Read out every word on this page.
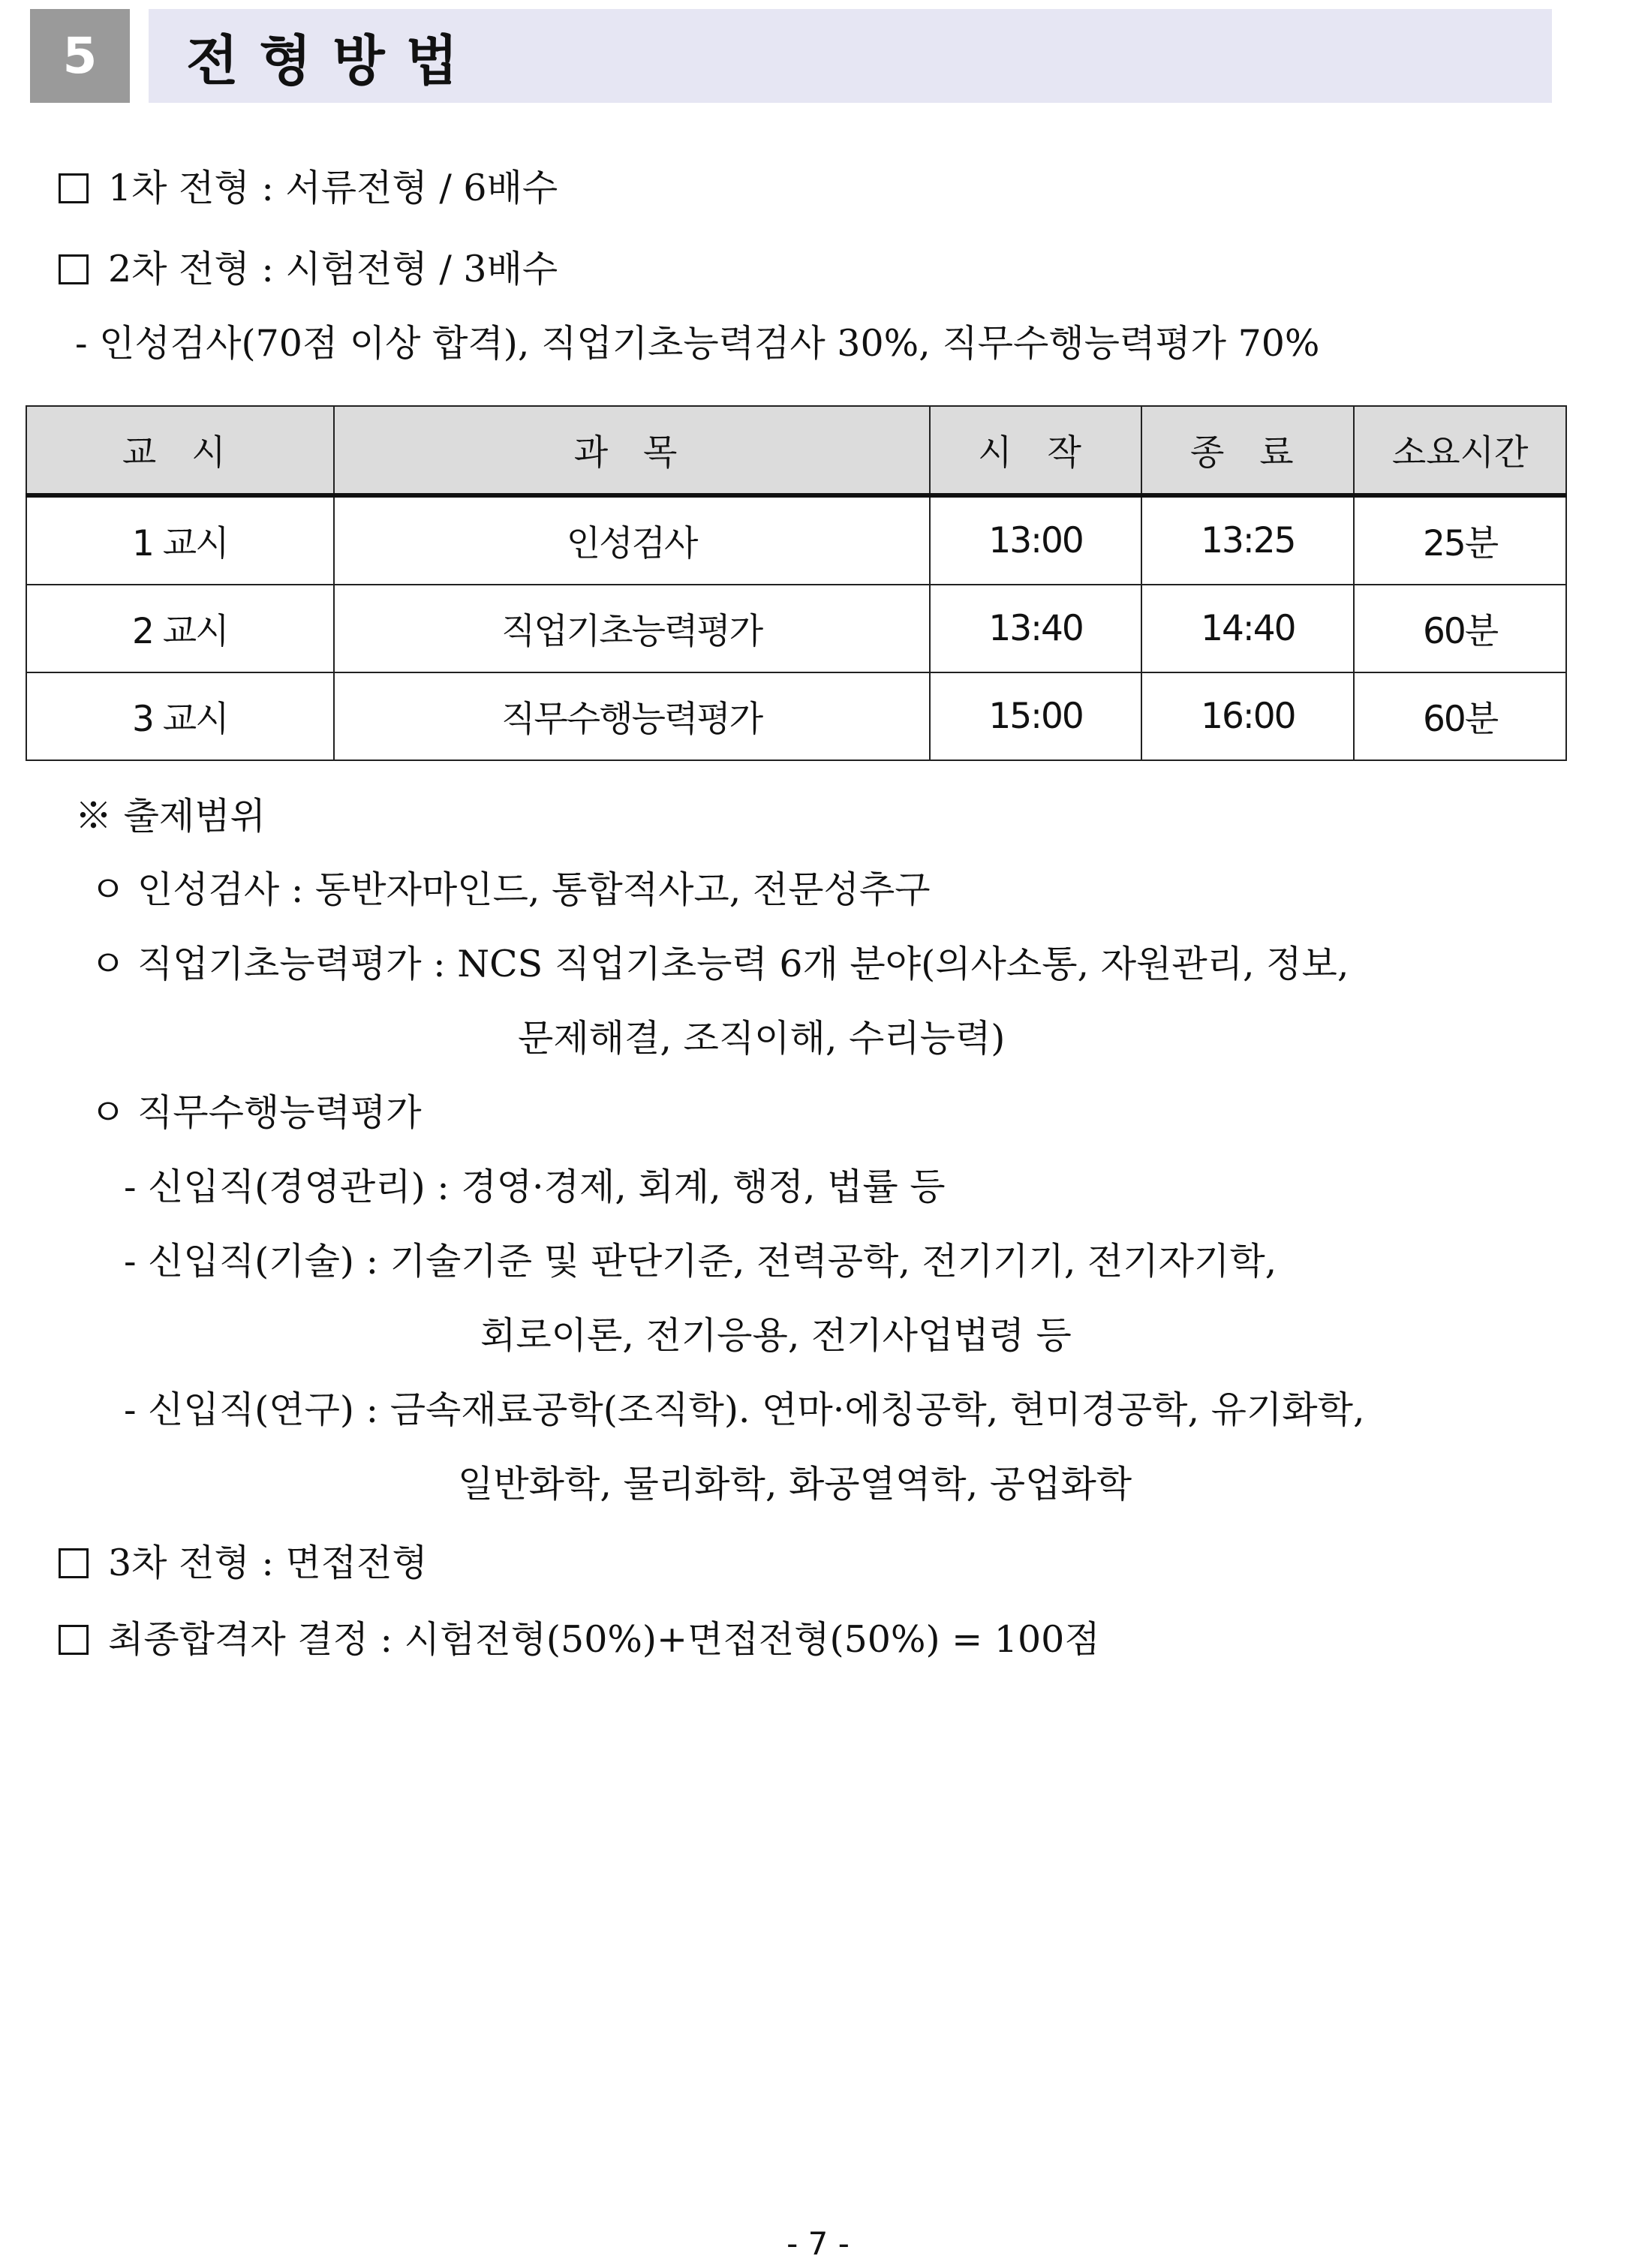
5	전형방법
1차 전형 : 서류전형 / 6배수
2차 전형 : 시험전형 / 3배수
- 인성검사(70점 이상 합격), 직업기초능력검사 30%, 직무수행능력평가 70%
교 시	과 목	시 작	종 료	소요시간
1 교시	인성검사	13:00	13:25	25분
2 교시	직업기초능력평가	13:40	14:40	60분
3 교시	직무수행능력평가	15:00	16:00	60분
※ 출제범위
ㅇ 인성검사 : 동반자마인드, 통합적사고, 전문성추구
ㅇ 직업기초능력평가 : NCS 직업기초능력 6개 분야(의사소통, 자원관리, 정보,
문제해결, 조직이해, 수리능력)
ㅇ 직무수행능력평가
- 신입직(경영관리) : 경영·경제, 회계, 행정, 법률 등
- 신입직(기술) : 기술기준 및 판단기준, 전력공학, 전기기기, 전기자기학,
회로이론, 전기응용, 전기사업법령 등
- 신입직(연구) : 금속재료공학(조직학). 연마·에칭공학, 현미경공학, 유기화학,
일반화학, 물리화학, 화공열역학, 공업화학
3차 전형 : 면접전형
최종합격자 결정 : 시험전형(50%)+면접전형(50%) = 100점
- 7 -
